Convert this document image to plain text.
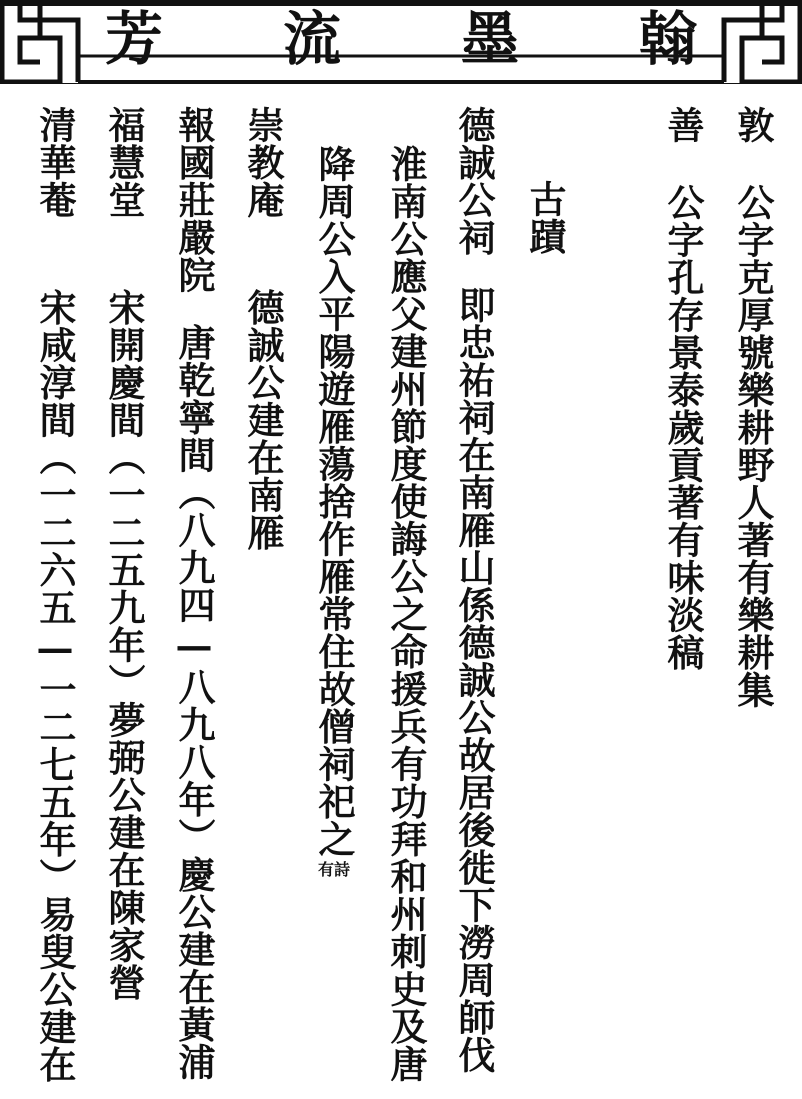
芳 流 墨 翰
敦公字克厚號樂耕野人著有樂耕集
善公字孔存景泰歲貢著有味淡稿
古蹟
德誠公祠即忠祐祠在南雁山係德誠公故居後徙下澇周師伐
淮南公應父建州節度使誨公之命援兵有功拜和州刺史及唐
降周公入平陽遊雁蕩捨作雁常住故僧祠祀之有詩
崇教庵德誠公建在南雁
報國莊嚴院唐乾寧間（八九四—八九八年）慶公建在黃浦
福慧堂宋開慶間（一二五九年）夢弼公建在陳家營
清華菴宋咸淳間（一二六五—一二七五年）易叟公建在
